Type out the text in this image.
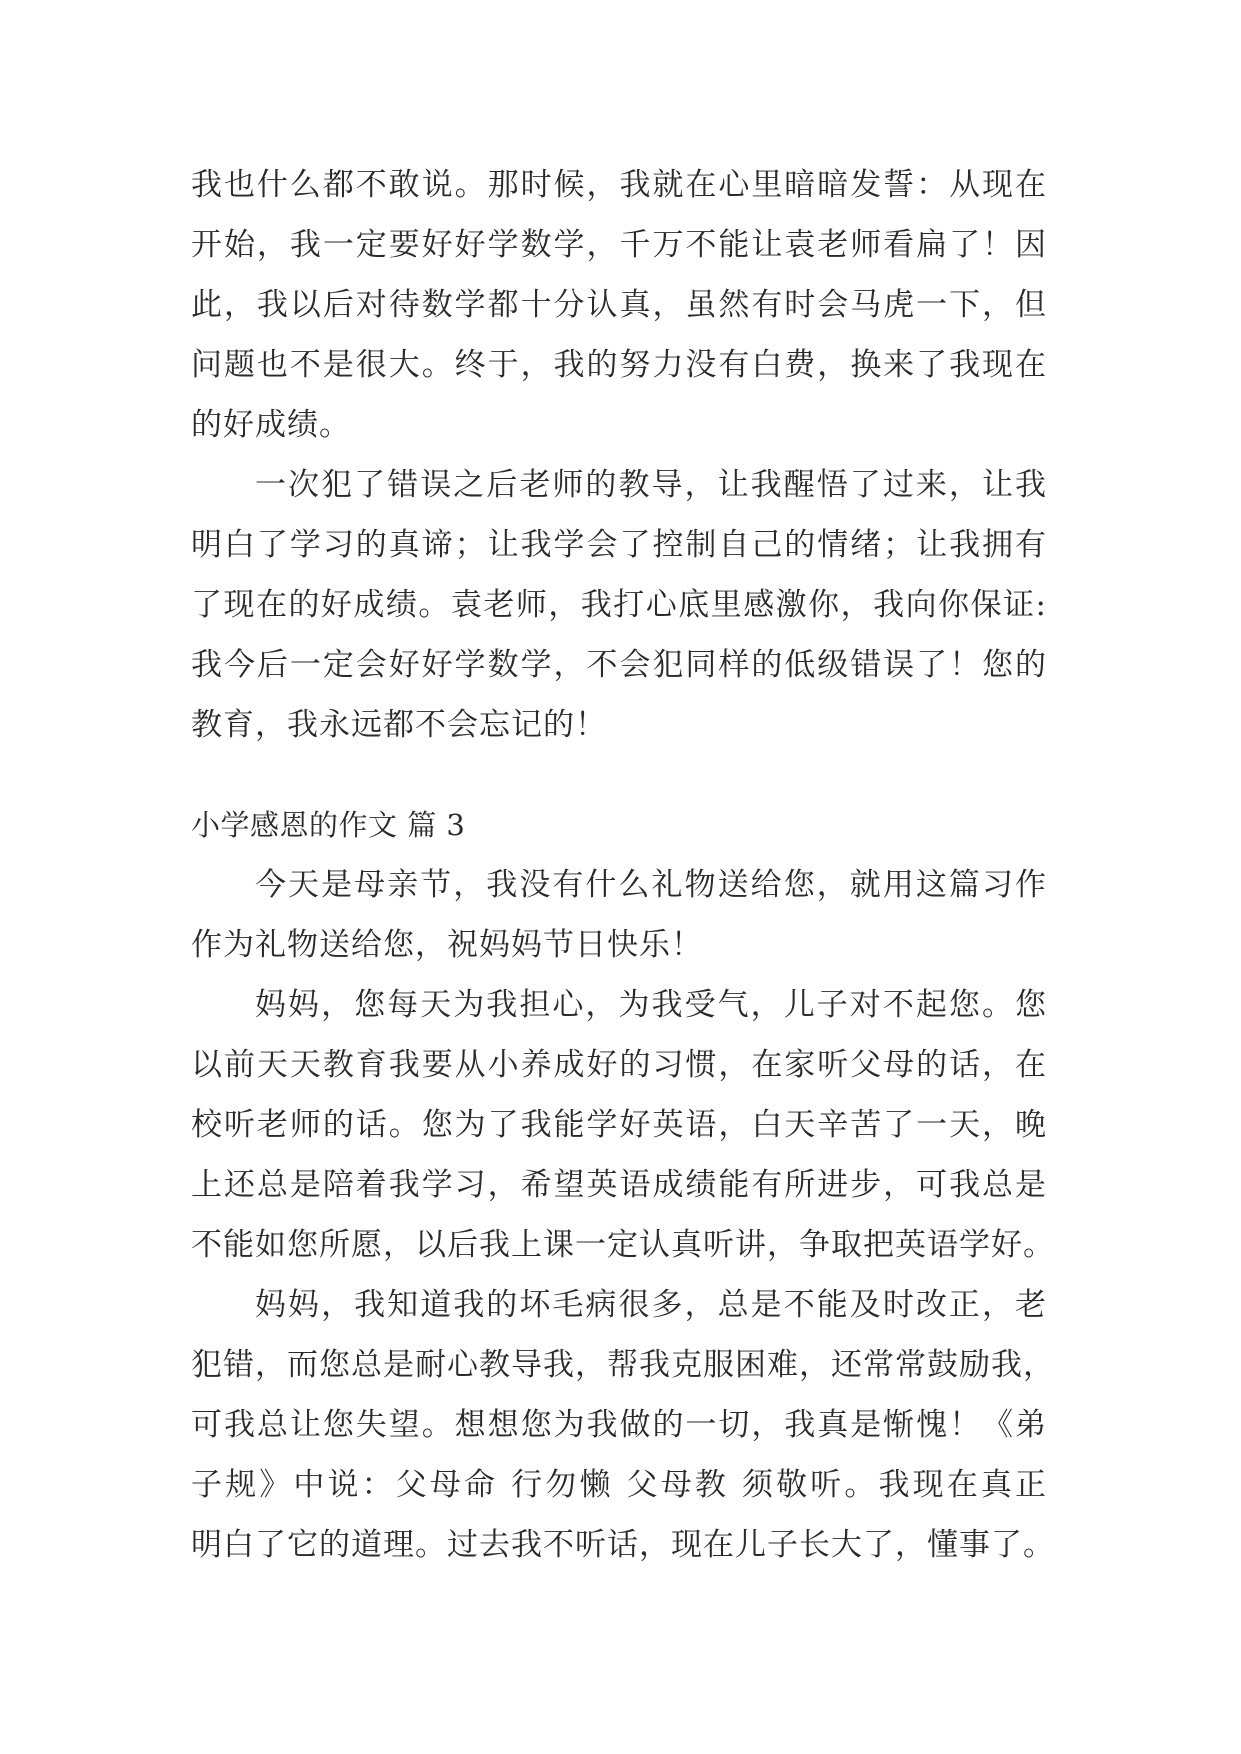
我也什么都不敢说。那时候，我就在心里暗暗发誓：从现在
开始，我一定要好好学数学，千万不能让袁老师看扁了！因
此，我以后对待数学都十分认真，虽然有时会马虎一下，但
问题也不是很大。终于，我的努力没有白费，换来了我现在
的好成绩。
一次犯了错误之后老师的教导，让我醒悟了过来，让我
明白了学习的真谛；让我学会了控制自己的情绪；让我拥有
了现在的好成绩。袁老师，我打心底里感激你，我向你保证:
我今后一定会好好学数学，不会犯同样的低级错误了！您的
教育，我永远都不会忘记的！
小学感恩的作文 篇 3
今天是母亲节，我没有什么礼物送给您，就用这篇习作
作为礼物送给您，祝妈妈节日快乐！
妈妈，您每天为我担心，为我受气，儿子对不起您。您
以前天天教育我要从小养成好的习惯，在家听父母的话，在
校听老师的话。您为了我能学好英语，白天辛苦了一天，晚
上还总是陪着我学习，希望英语成绩能有所进步，可我总是
不能如您所愿，以后我上课一定认真听讲，争取把英语学好。
妈妈，我知道我的坏毛病很多，总是不能及时改正，老
犯错，而您总是耐心教导我，帮我克服困难，还常常鼓励我，
可我总让您失望。想想您为我做的一切，我真是惭愧！《弟
子规》中说：父母命 行勿懒 父母教 须敬听。我现在真正
明白了它的道理。过去我不听话，现在儿子长大了，懂事了。
